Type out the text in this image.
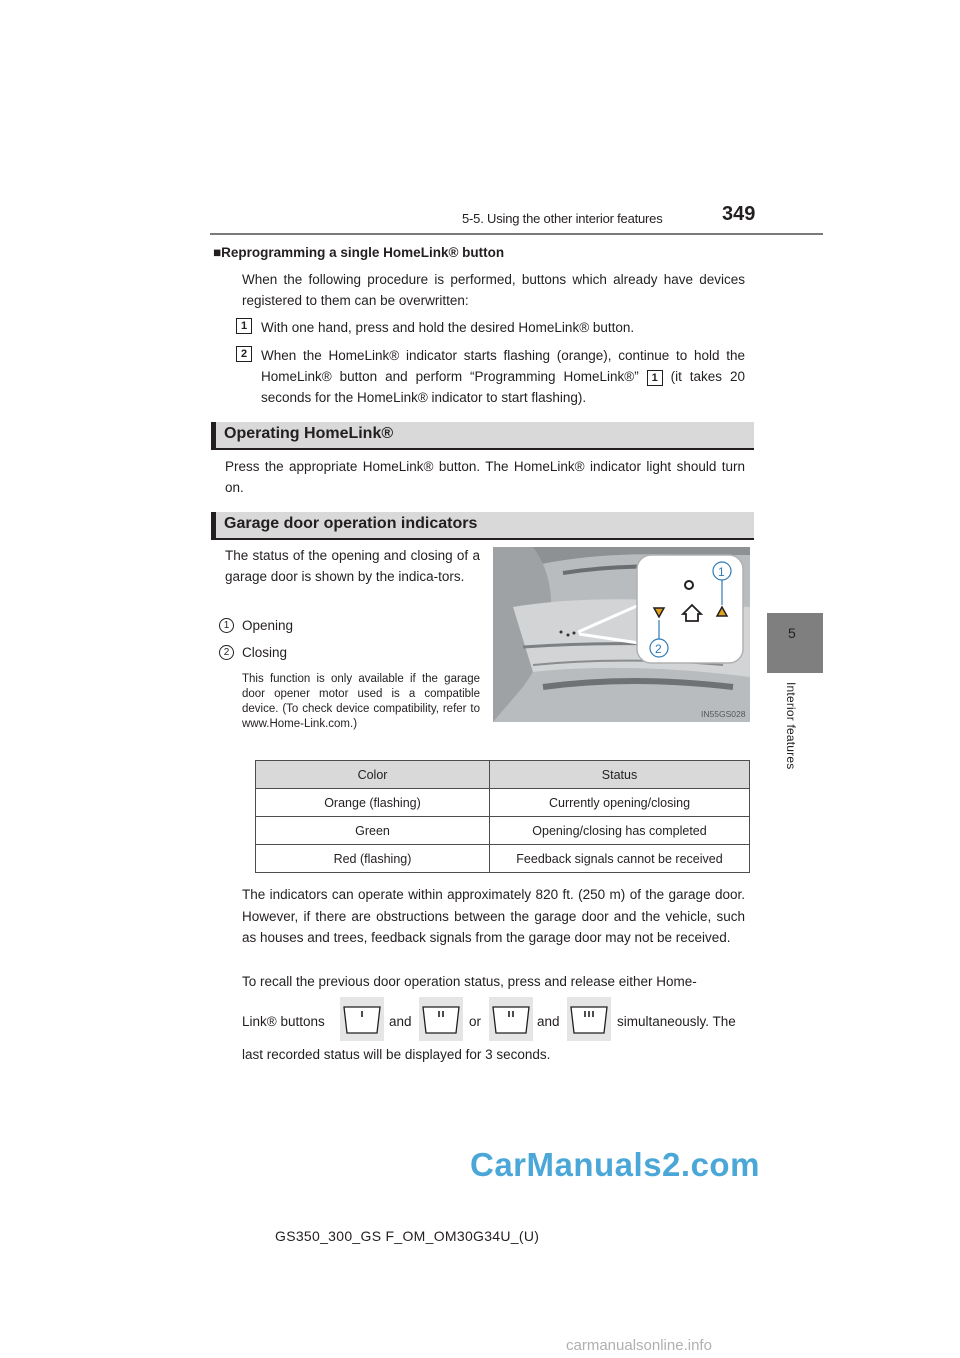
5-5. Using the other interior features	349
5
Interior features
■Reprogramming a single HomeLink® button
When the following procedure is performed, buttons which already have devices registered to them can be overwritten:
1	With one hand, press and hold the desired HomeLink® button.
2	When the HomeLink® indicator starts flashing (orange), continue to hold the HomeLink® button and perform “Programming HomeLink®” 1 (it takes 20 seconds for the HomeLink® indicator to start flashing).
Operating HomeLink®
Press the appropriate HomeLink® button. The HomeLink® indicator light should turn on.
Garage door operation indicators
The status of the opening and closing of a garage door is shown by the indica-tors.
1 Opening
2 Closing
This function is only available if the garage door opener motor used is a compatible device. (To check device compatibility, refer to www.Home-Link.com.)
1
2
IN55GS028
Color	Status
Orange (flashing)	Currently opening/closing
Green	Opening/closing has completed
Red (flashing)	Feedback signals cannot be received
The indicators can operate within approximately 820 ft. (250 m) of the garage door. However, if there are obstructions between the garage door and the vehicle, such as houses and trees, feedback signals from the garage door may not be received.
To recall the previous door operation status, press and release either Home-
Link® buttons	and	or	and	simultaneously. The
last recorded status will be displayed for 3 seconds.
CarManuals2.com
GS350_300_GS F_OM_OM30G34U_(U)
carmanualsonline.info
